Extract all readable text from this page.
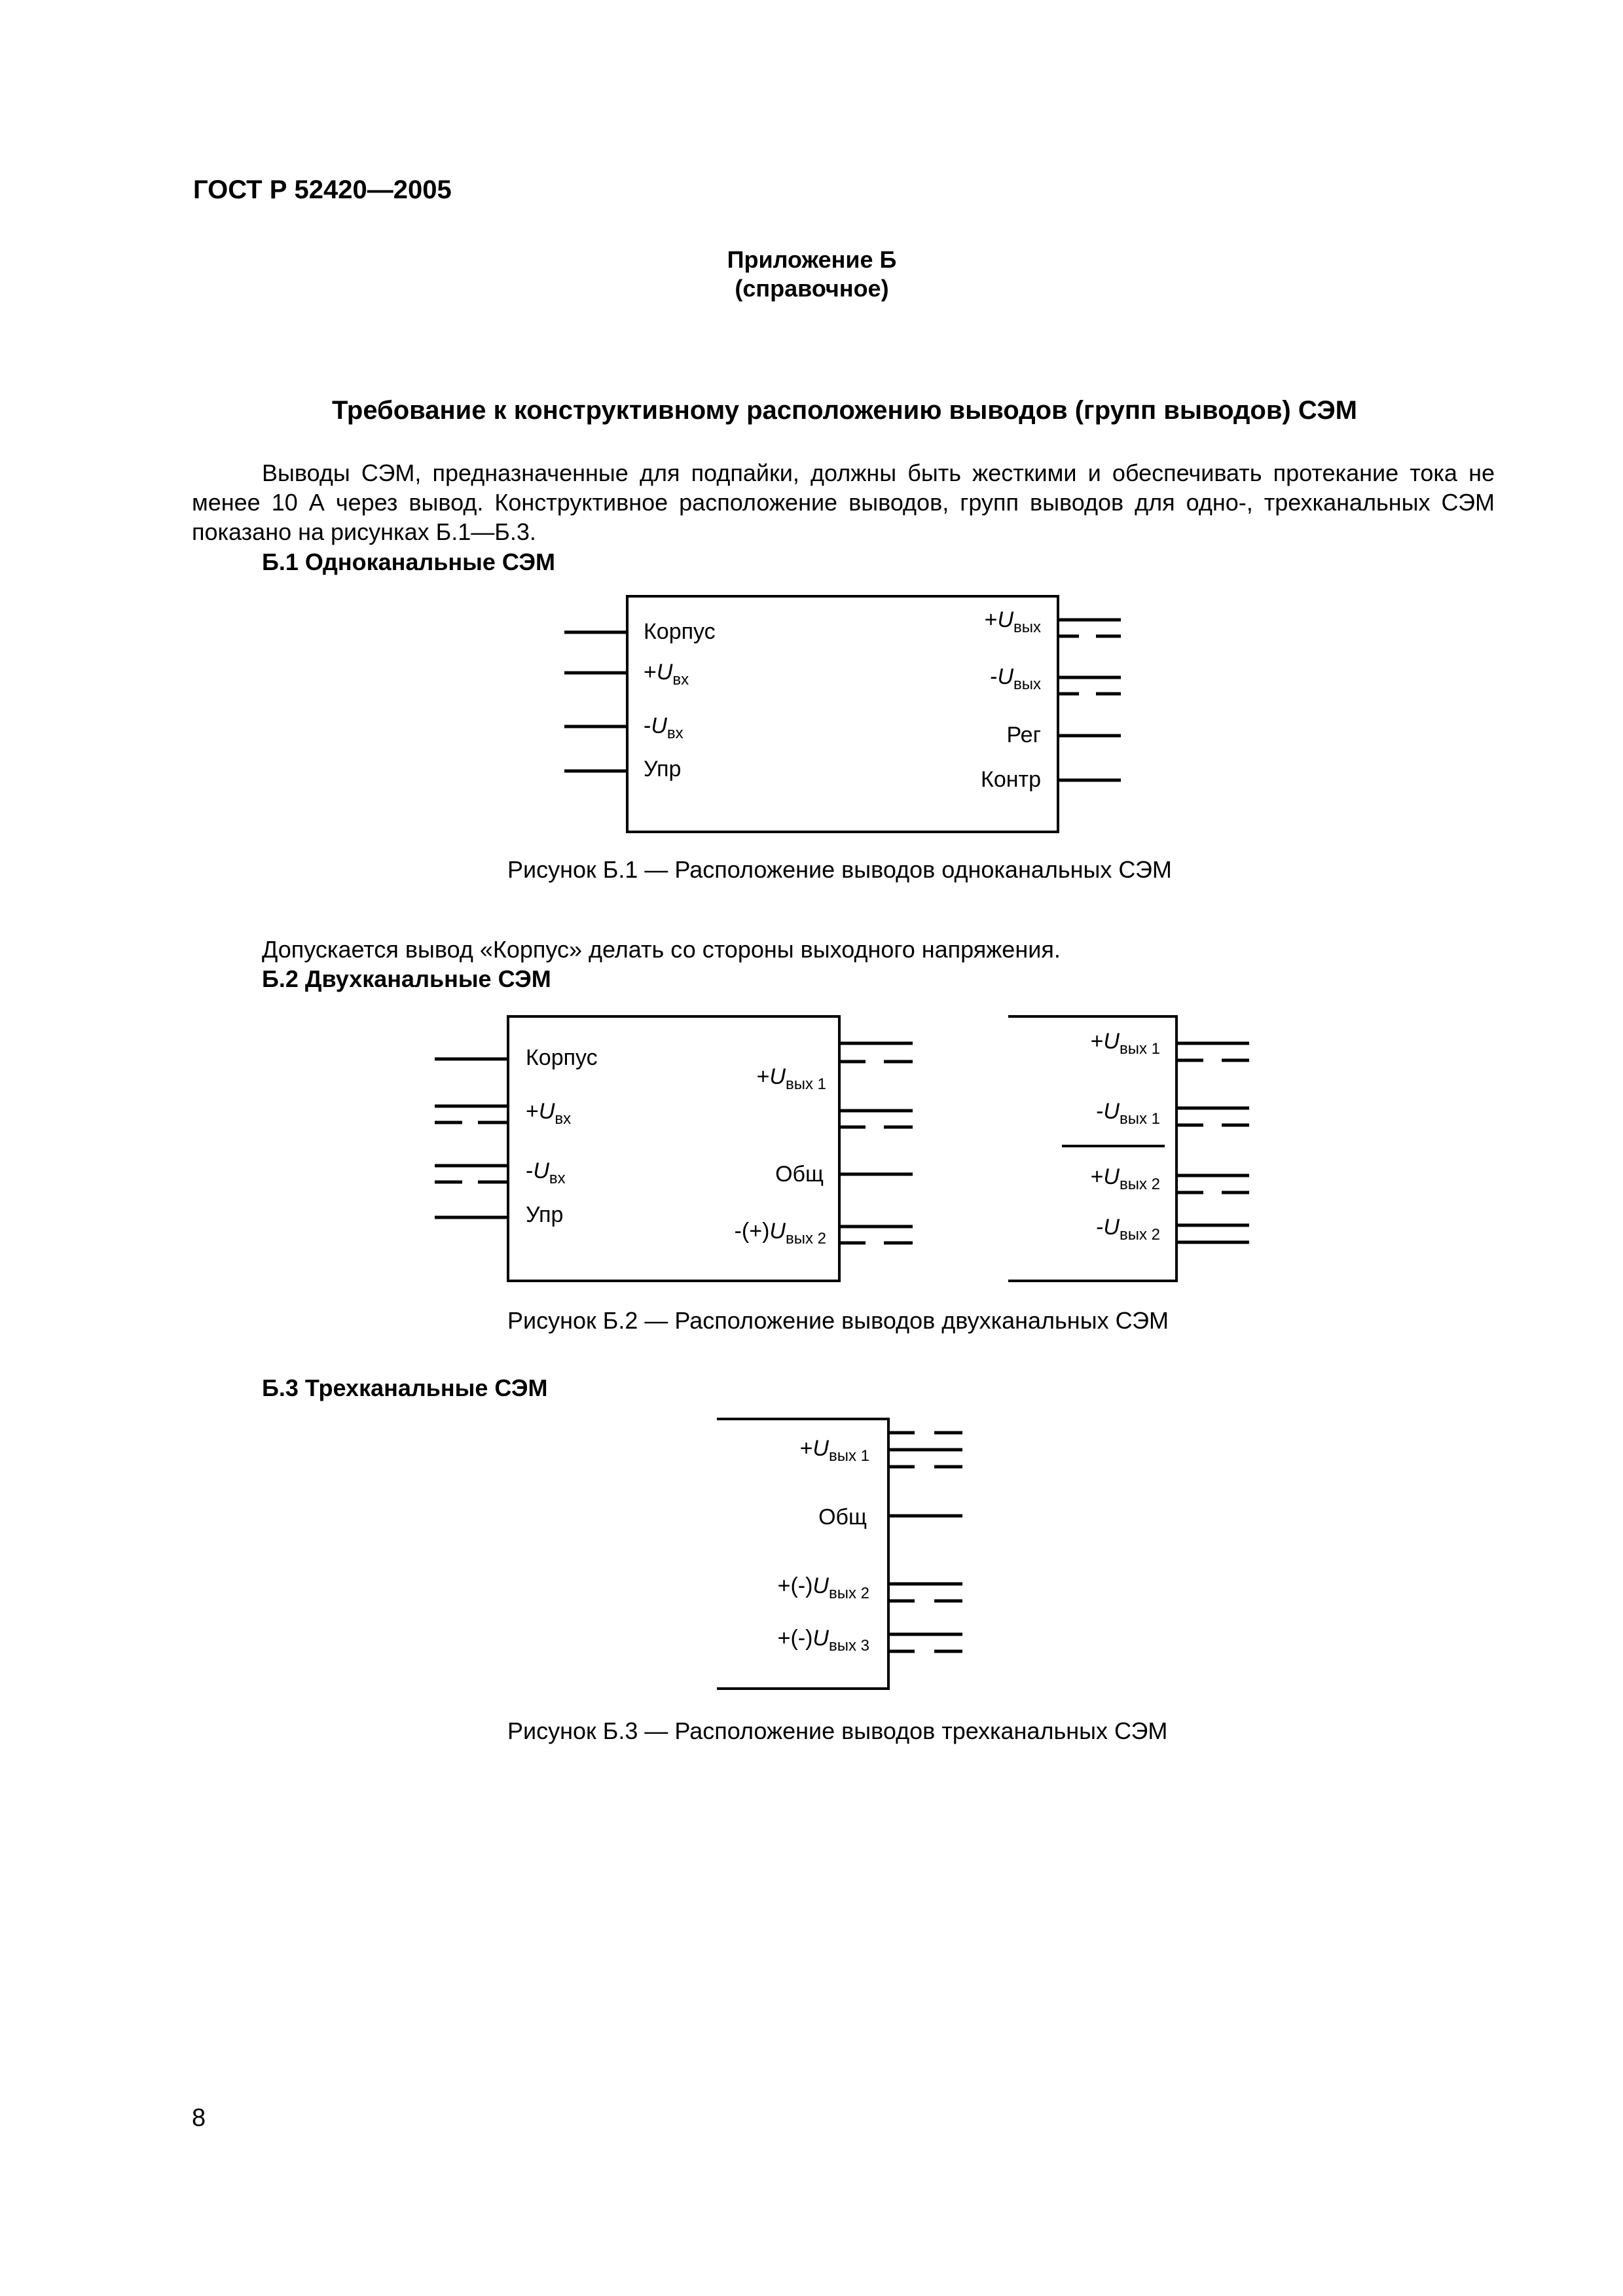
ГОСТ Р 52420—2005
Приложение Б
(справочное)
Требование к конструктивному расположению выводов (групп выводов) СЭМ
Выводы СЭМ, предназначенные для подпайки, должны быть жесткими и обеспечивать протекание тока не менее 10 А через вывод. Конструктивное расположение выводов, групп выводов для одно-, трехканальных СЭМ показано на рисунках Б.1—Б.3.
Б.1 Одноканальные СЭМ
Рисунок Б.1 — Расположение выводов одноканальных СЭМ
Допускается вывод «Корпус» делать со стороны выходного напряжения.
Б.2 Двухканальные СЭМ
Рисунок Б.2 — Расположение выводов двухканальных СЭМ
Б.3 Трехканальные СЭМ
Рисунок Б.3 — Расположение выводов трехканальных СЭМ
Корпус
$+U_{вх}$
$-U_{вх}$
Упр
$+U_{вых}$
$-U_{вых}$
Рег
Контр
Корпус
$+U_{вх}$
$-U_{вх}$
Упр
$+U_{вых 1}$
Общ
$-(+)U_{вых 2}$
$+U_{вых 1}$
$-U_{вых 1}$
$+U_{вых 2}$
$-U_{вых 2}$
$+U_{вых 1}$
Общ
$+(-)U_{вых 2}$
$+(-)U_{вых 3}$
8
